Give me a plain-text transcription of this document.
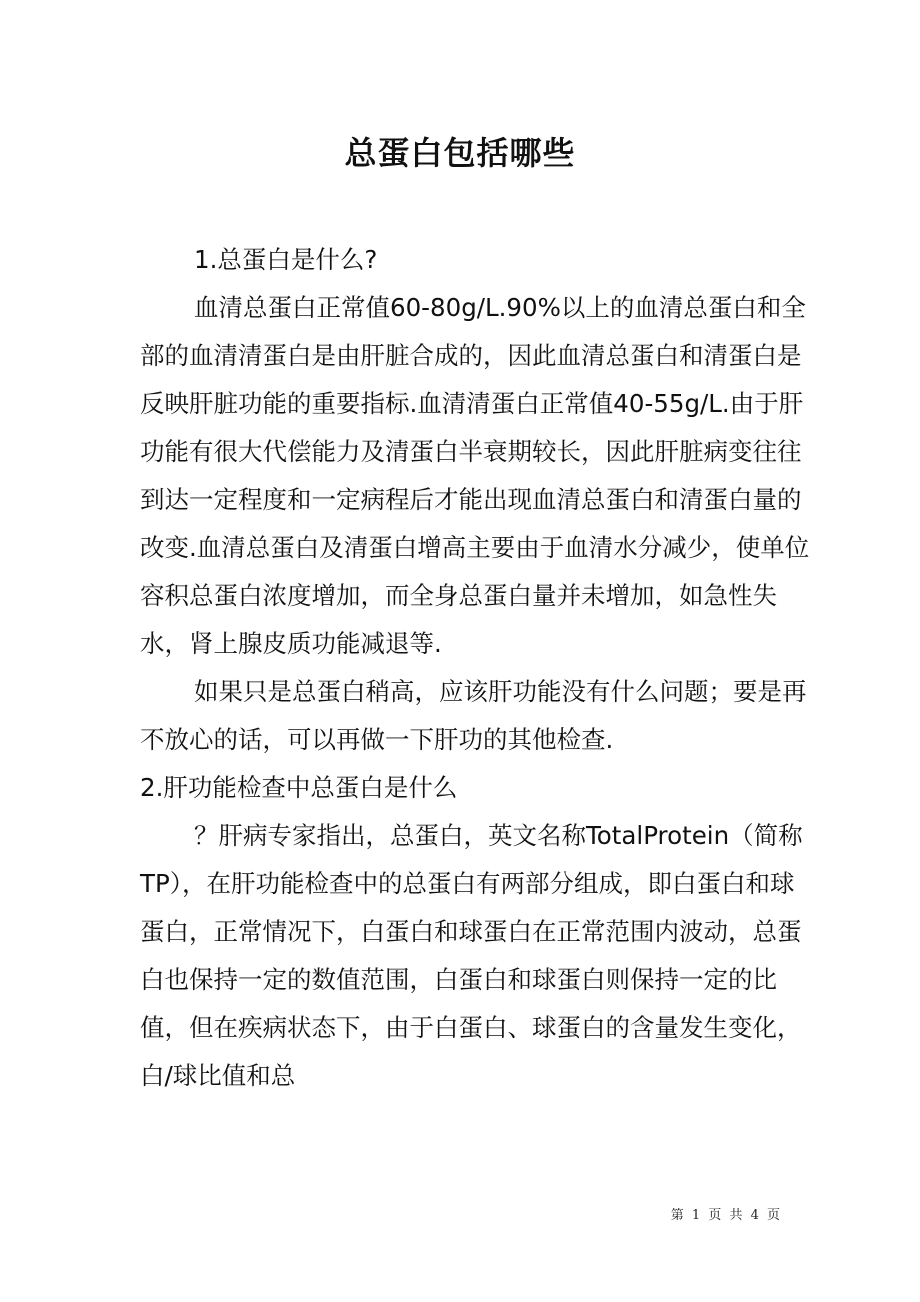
总蛋白包括哪些

1.总蛋白是什么?

血清总蛋白正常值60-80g/L.90%以上的血清总蛋白和全部的血清清蛋白是由肝脏合成的，因此血清总蛋白和清蛋白是反映肝脏功能的重要指标.血清清蛋白正常值40-55g/L.由于肝功能有很大代偿能力及清蛋白半衰期较长，因此肝脏病变往往到达一定程度和一定病程后才能出现血清总蛋白和清蛋白量的改变.血清总蛋白及清蛋白增高主要由于血清水分减少，使单位容积总蛋白浓度增加，而全身总蛋白量并未增加，如急性失水，肾上腺皮质功能减退等.

如果只是总蛋白稍高，应该肝功能没有什么问题；要是再不放心的话，可以再做一下肝功的其他检查.

2.肝功能检查中总蛋白是什么

？肝病专家指出，总蛋白，英文名称TotalProtein（简称TP），在肝功能检查中的总蛋白有两部分组成，即白蛋白和球蛋白，正常情况下，白蛋白和球蛋白在正常范围内波动，总蛋白也保持一定的数值范围，白蛋白和球蛋白则保持一定的比值，但在疾病状态下，由于白蛋白、球蛋白的含量发生变化，白/球比值和总

第 1 页 共 4 页
